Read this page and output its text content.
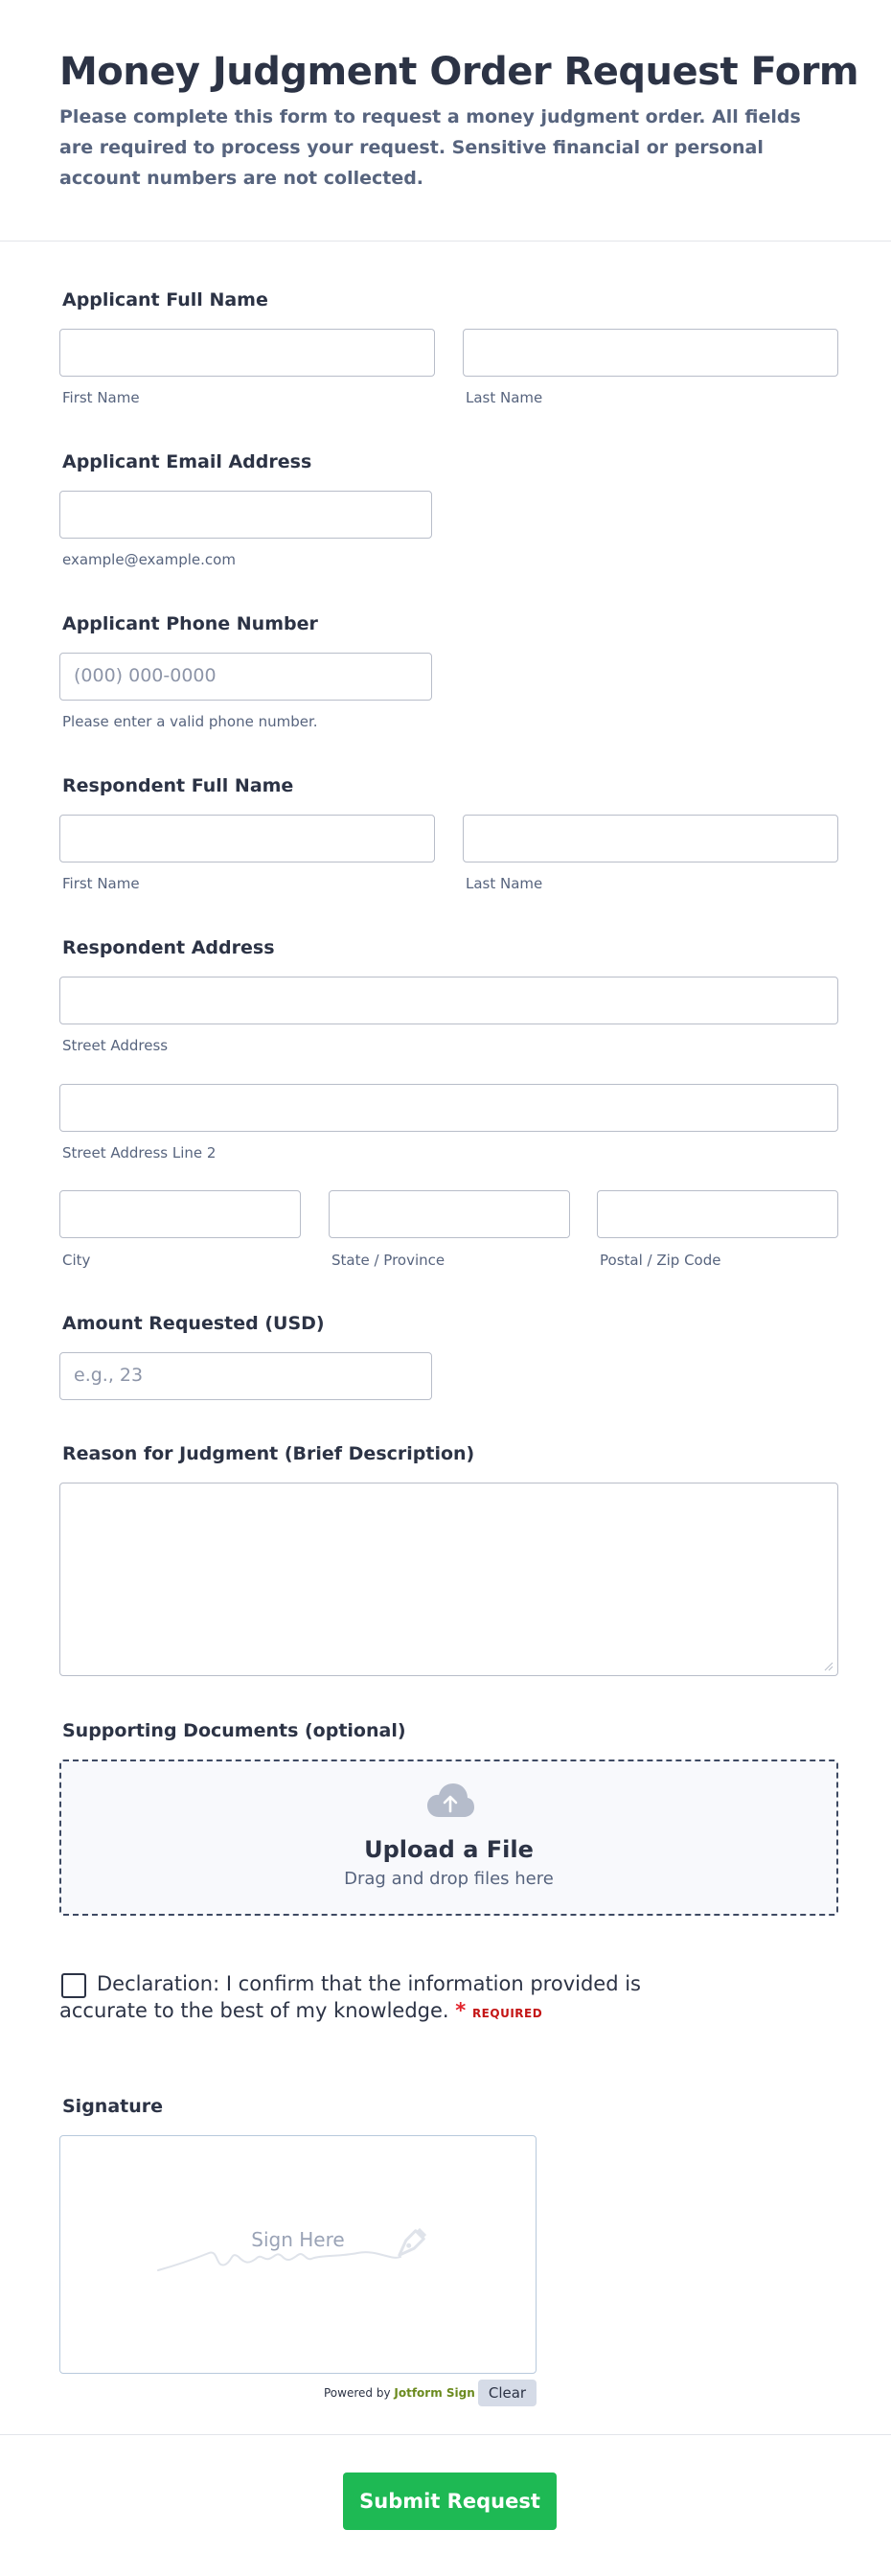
Money Judgment Order Request Form
Please complete this form to request a money judgment order. All fields are required to process your request. Sensitive financial or personal account numbers are not collected.
Applicant Full Name
First Name	Last Name
Applicant Email Address
example@example.com
Applicant Phone Number
(000) 000-0000
Please enter a valid phone number.
Respondent Full Name
First Name	Last Name
Respondent Address
Street Address
Street Address Line 2
City	State / Province	Postal / Zip Code
Amount Requested (USD)
e.g., 23
Reason for Judgment (Brief Description)
Supporting Documents (optional)
Upload a File
Drag and drop files here
Declaration: I confirm that the information provided is accurate to the best of my knowledge. * REQUIRED
Signature
Sign Here
Powered by Jotform Sign Clear
Submit Request
